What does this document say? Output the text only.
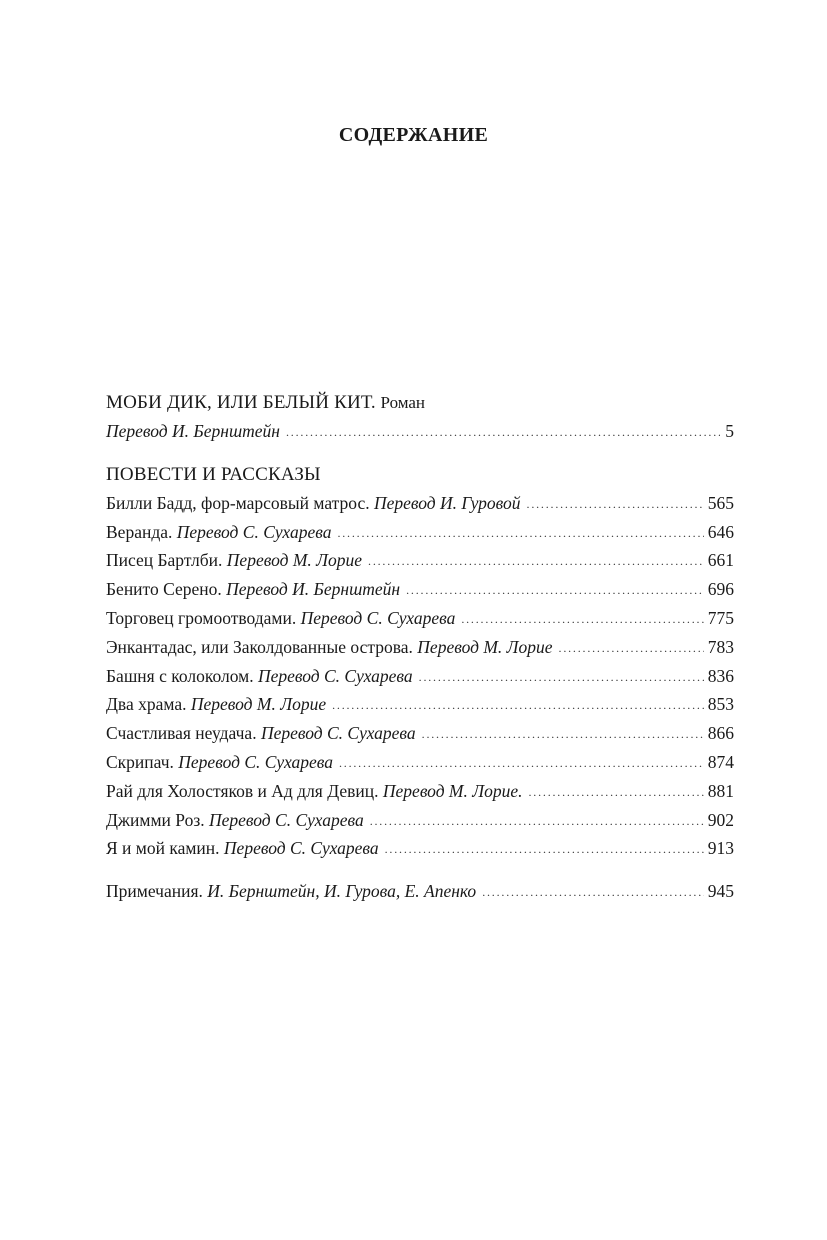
СОДЕРЖАНИЕ
МОБИ ДИК, ИЛИ БЕЛЫЙ КИТ. Роман
Перевод И. Бернштейн . . .	5
ПОВЕСТИ И РАССКАЗЫ
Билли Бадд, фор-марсовый матрос. Перевод И. Гуровой . . .	565
Веранда. Перевод С. Сухарева . . .	646
Писец Бартлби. Перевод М. Лорие . . .	661
Бенито Серено. Перевод И. Бернштейн . . .	696
Торговец громоотводами. Перевод С. Сухарева . . .	775
Энкантадас, или Заколдованные острова. Перевод М. Лорие . . .	783
Башня с колоколом. Перевод С. Сухарева . . .	836
Два храма. Перевод М. Лорие . . .	853
Счастливая неудача. Перевод С. Сухарева . . .	866
Скрипач. Перевод С. Сухарева . . .	874
Рай для Холостяков и Ад для Девиц. Перевод М. Лорие. . . .	881
Джимми Роз. Перевод С. Сухарева . . .	902
Я и мой камин. Перевод С. Сухарева . . .	913
Примечания. И. Бернштейн, И. Гурова, Е. Апенко . . .	945
